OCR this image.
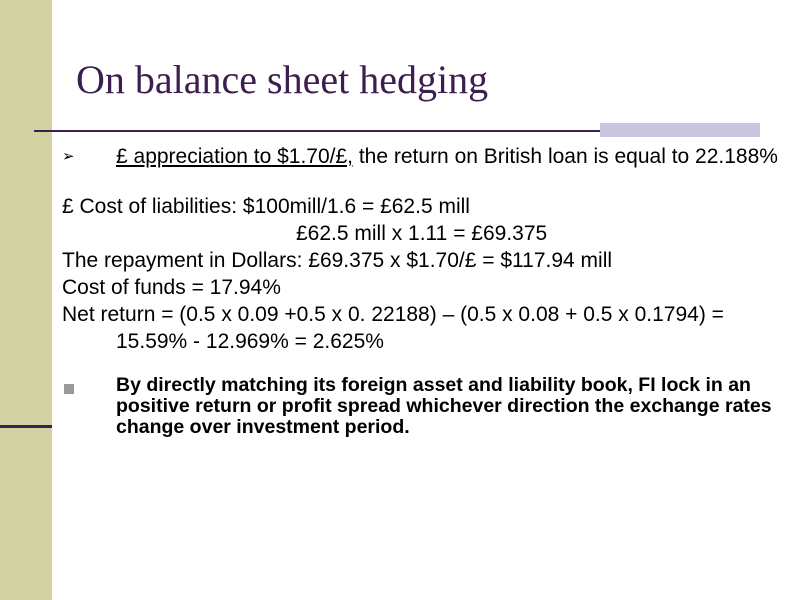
On balance sheet hedging
➢	£ appreciation to $1.70/£, the return on British loan is equal to 22.188%
£ Cost of liabilities: $100mill/1.6 = £62.5 mill
£62.5 mill x 1.11 = £69.375
The repayment in Dollars: £69.375 x $1.70/£ = $117.94 mill
Cost of funds = 17.94%
Net return = (0.5 x 0.09 +0.5 x 0. 22188) – (0.5 x 0.08 + 0.5 x 0.1794) = 15.59% - 12.969% = 2.625%
By directly matching its foreign asset and liability book, FI lock in an positive return or profit spread whichever direction the exchange rates change over investment period.
